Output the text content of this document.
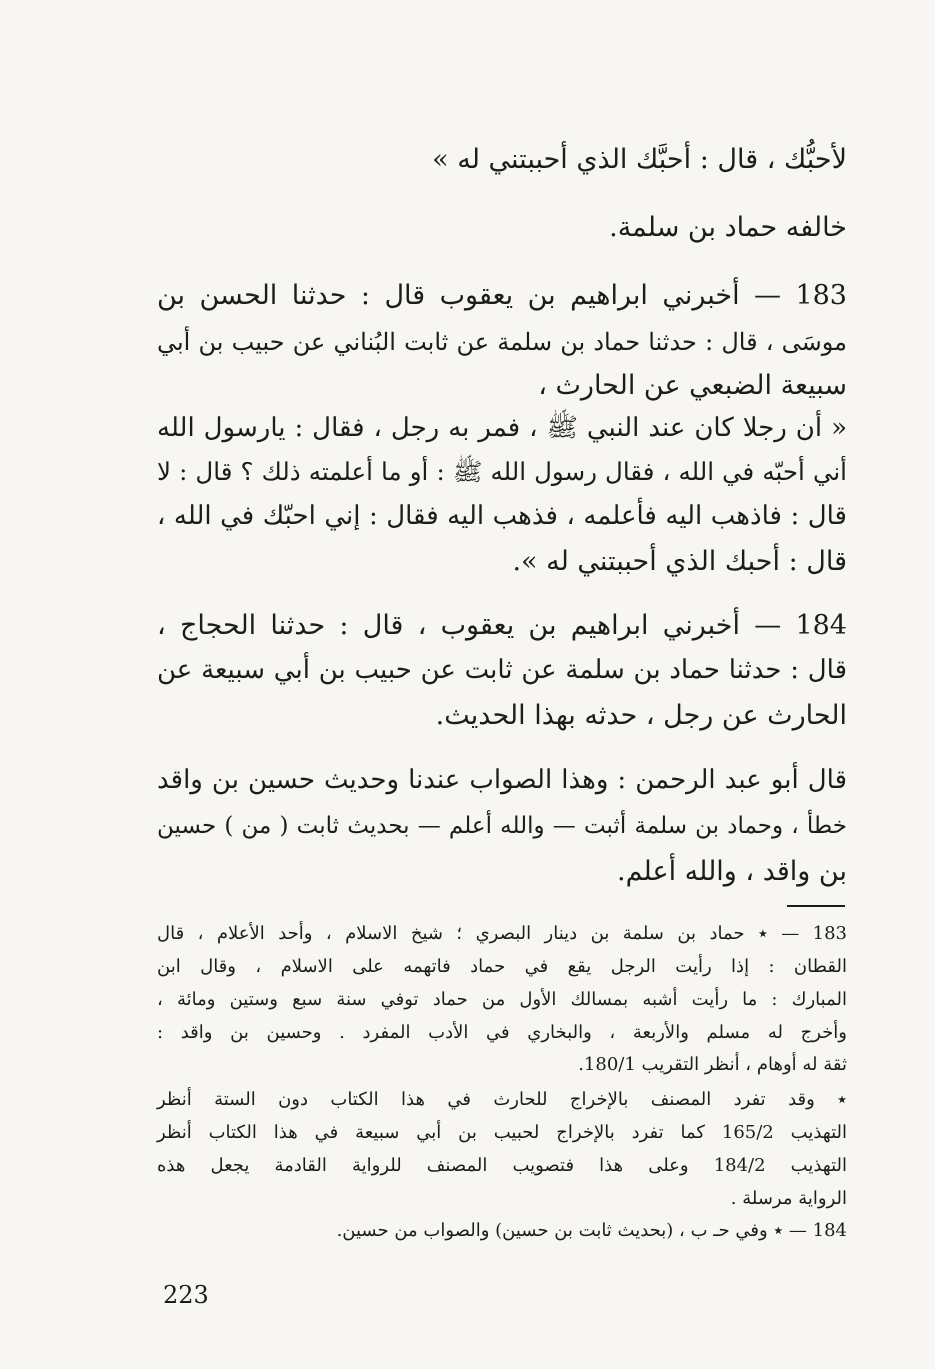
لأحبُّك ، قال : أحبَّك الذي أحببتني له »
خالفه حماد بن سلمة.
183 — أخبرني ابراهيم بن يعقوب قال : حدثنا الحسن بن
موسَى ، قال : حدثنا حماد بن سلمة عن ثابت البُناني عن حبيب بن أبي
سبيعة الضبعي عن الحارث ،
« أن رجلا كان عند النبي ﷺ ، فمر به رجل ، فقال : يارسول الله
أني أحبّه في الله ، فقال رسول الله ﷺ : أو ما أعلمته ذلك ؟ قال : لا
قال : فاذهب اليه فأعلمه ، فذهب اليه فقال : إني احبّك في الله ،
قال : أحبك الذي أحببتني له ».
184 — أخبرني ابراهيم بن يعقوب ، قال : حدثنا الحجاج ،
قال : حدثنا حماد بن سلمة عن ثابت عن حبيب بن أبي سبيعة عن
الحارث عن رجل ، حدثه بهذا الحديث.
قال أبو عبد الرحمن : وهذا الصواب عندنا وحديث حسين بن واقد
خطأ ، وحماد بن سلمة أثبت — والله أعلم — بحديث ثابت ( من ) حسين
بن واقد ، والله أعلم.
183 — ٭ حماد بن سلمة بن دينار البصري ؛ شيخ الاسلام ، وأحد الأعلام ، قال
القطان : إذا رأيت الرجل يقع في حماد فاتهمه على الاسلام ، وقال ابن
المبارك : ما رأيت أشبه بمسالك الأول من حماد توفي سنة سبع وستين ومائة ،
وأخرج له مسلم والأربعة ، والبخاري في الأدب المفرد . وحسين بن واقد :
ثقة له أوهام ، أنظر التقريب 180/1.
٭ وقد تفرد المصنف بالإخراج للحارث في هذا الكتاب دون الستة أنظر
التهذيب 165/2 كما تفرد بالإخراج لحبيب بن أبي سبيعة في هذا الكتاب أنظر
التهذيب 184/2 وعلى هذا فتصويب المصنف للرواية القادمة يجعل هذه
الرواية مرسلة .
184 — ٭ وفي حـ ب ، (بحديث ثابت بن حسين) والصواب من حسين.
223
